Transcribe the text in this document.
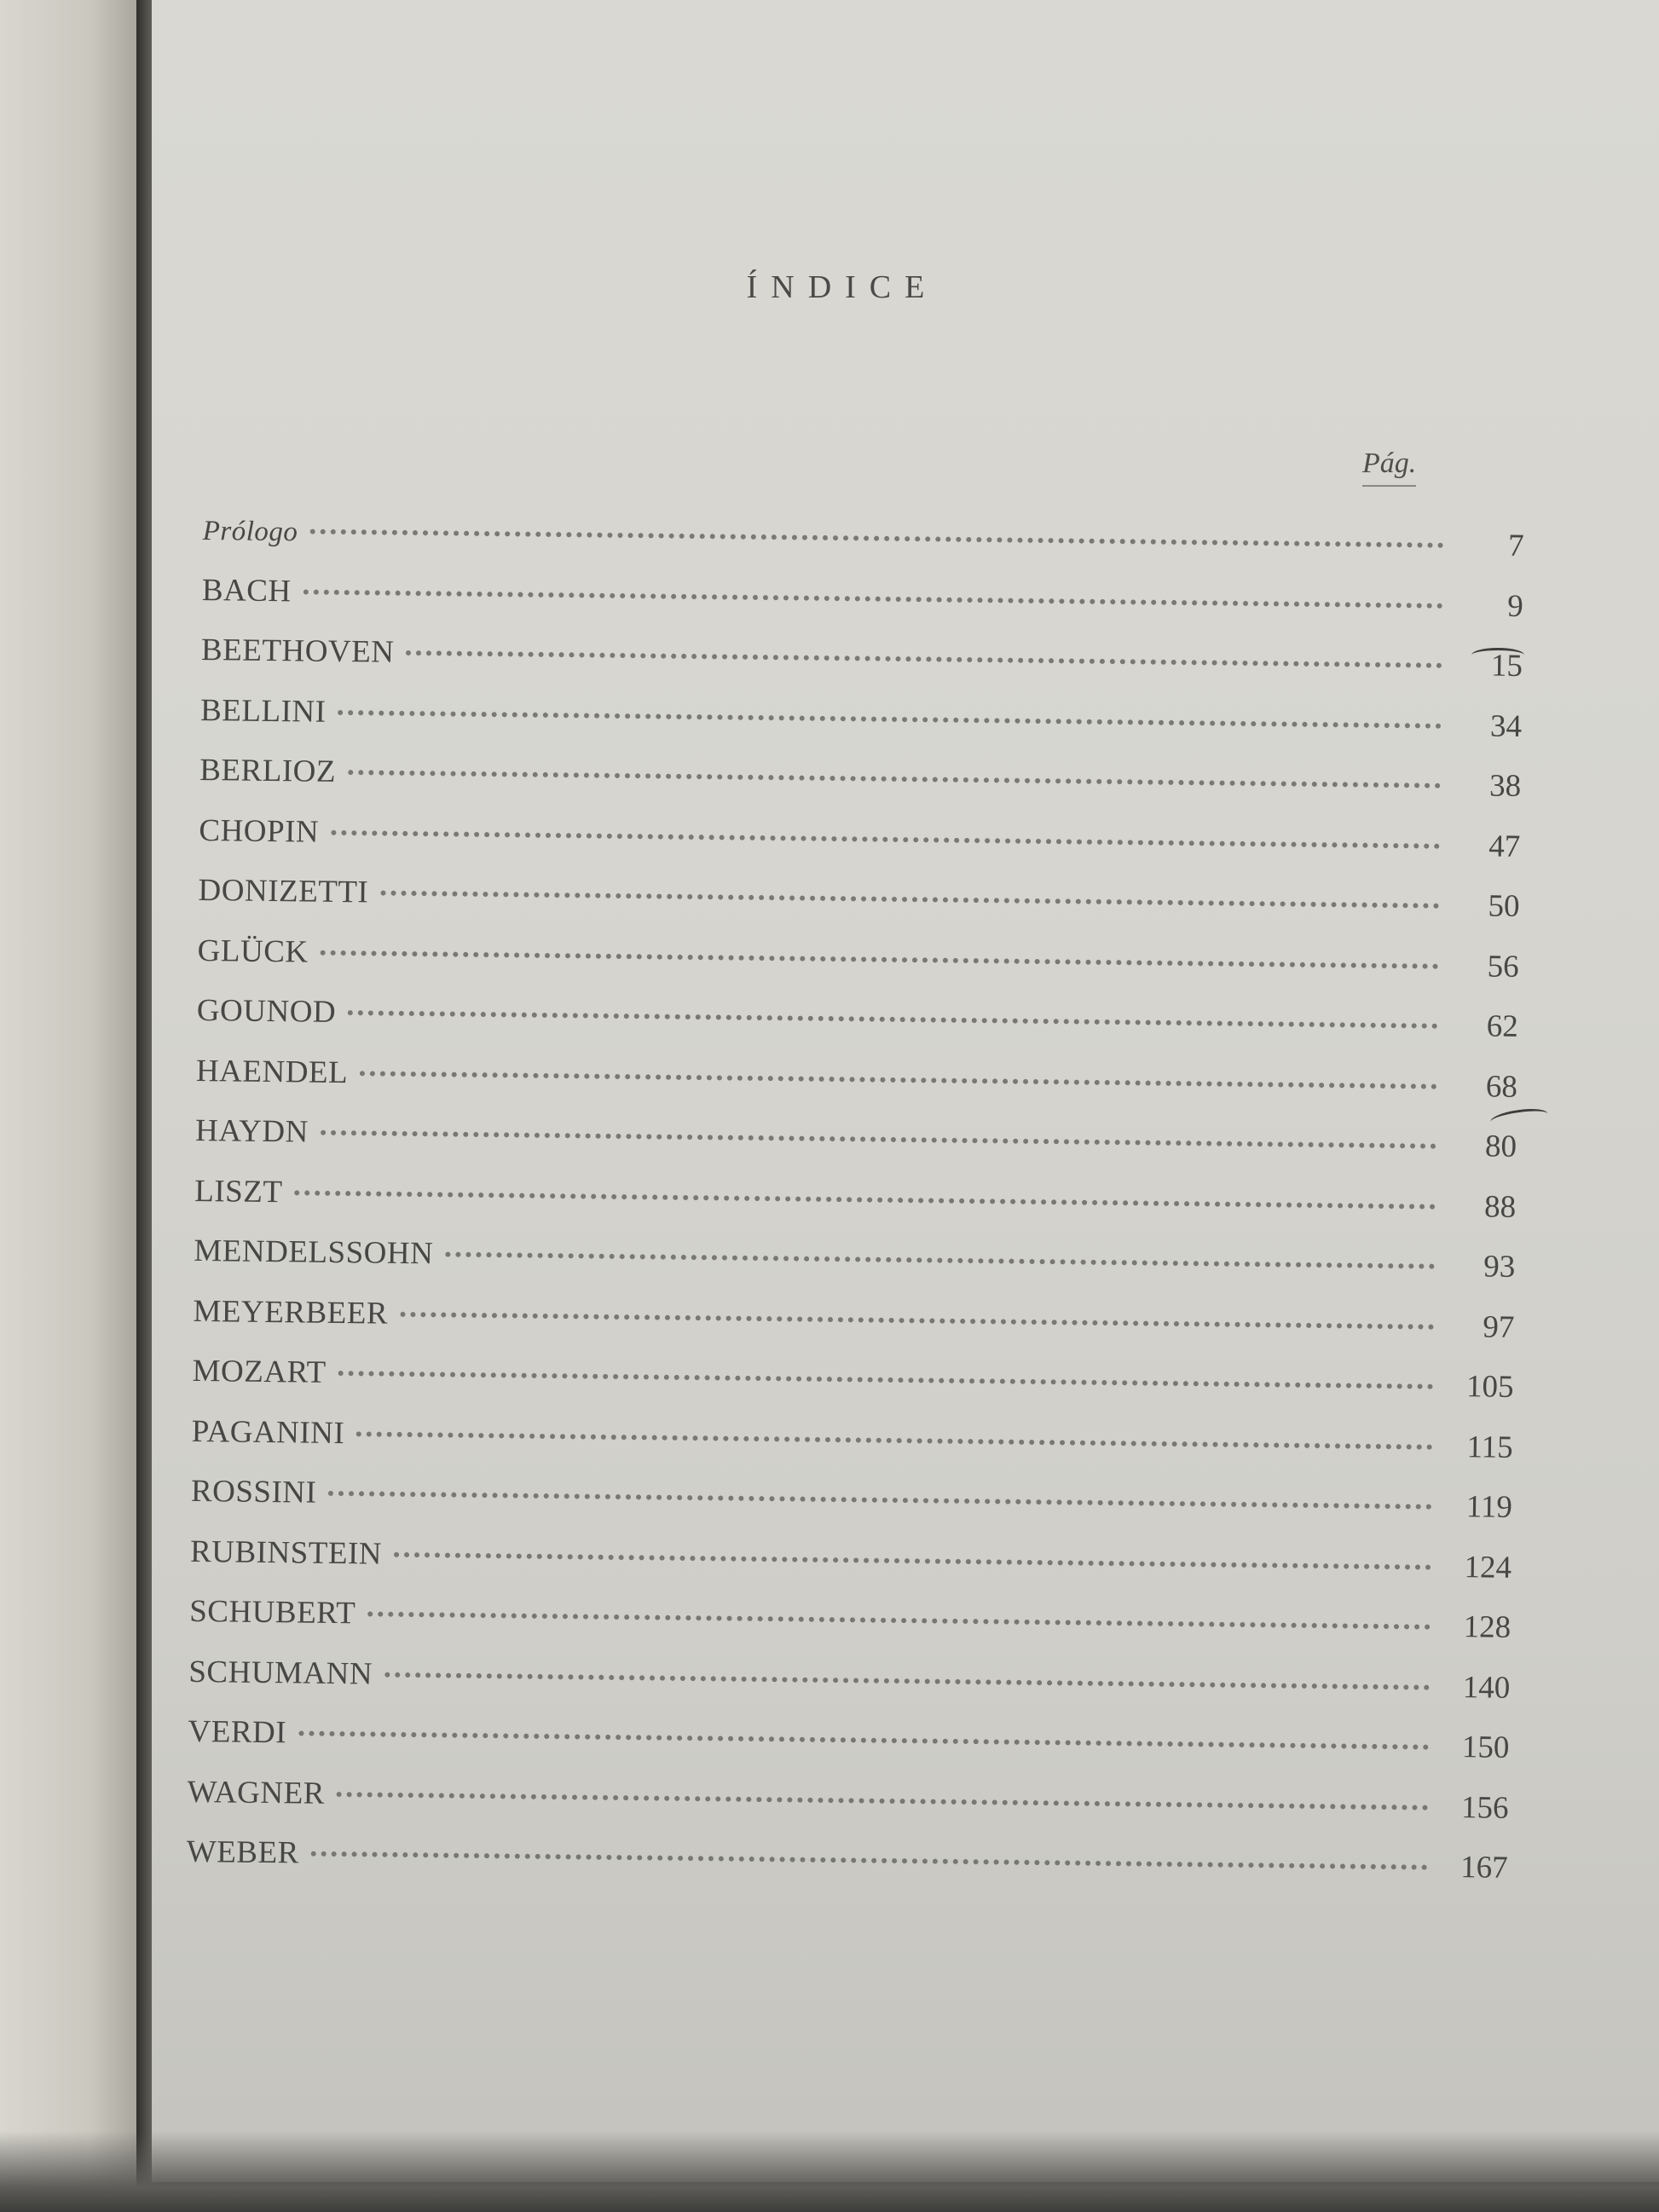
ÍNDICE
Pág.
Prólogo	7
BACH	9
BEETHOVEN	15
BELLINI	34
BERLIOZ	38
CHOPIN	47
DONIZETTI	50
GLÜCK	56
GOUNOD	62
HAENDEL	68
HAYDN	80
LISZT	88
MENDELSSOHN	93
MEYERBEER	97
MOZART	105
PAGANINI	115
ROSSINI	119
RUBINSTEIN	124
SCHUBERT	128
SCHUMANN	140
VERDI	150
WAGNER	156
WEBER	167
